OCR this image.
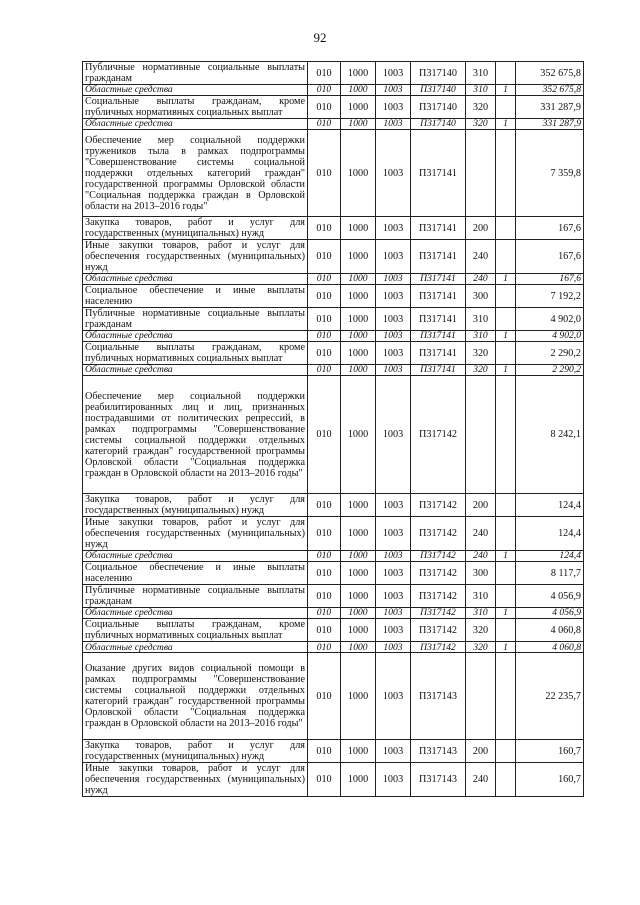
92
Публичные нормативные социальные выплаты гражданам	010	1000	1003	П317140	310		352 675,8
Областные средства	010	1000	1003	П317140	310	1	352 675,8
Социальные выплаты гражданам, кроме публичных нормативных социальных выплат	010	1000	1003	П317140	320		331 287,9
Областные средства	010	1000	1003	П317140	320	1	331 287,9
Обеспечение мер социальной поддержки тружеников тыла в рамках подпрограммы "Совершенствование системы социальной поддержки отдельных категорий граждан" государственной программы Орловской области "Социальная поддержка граждан в Орловской области на 2013–2016 годы"	010	1000	1003	П317141			7 359,8
Закупка товаров, работ и услуг для государственных (муниципальных) нужд	010	1000	1003	П317141	200		167,6
Иные закупки товаров, работ и услуг для обеспечения государственных (муниципальных) нужд	010	1000	1003	П317141	240		167,6
Областные средства	010	1000	1003	П317141	240	1	167,6
Социальное обеспечение и иные выплаты населению	010	1000	1003	П317141	300		7 192,2
Публичные нормативные социальные выплаты гражданам	010	1000	1003	П317141	310		4 902,0
Областные средства	010	1000	1003	П317141	310	1	4 902,0
Социальные выплаты гражданам, кроме публичных нормативных социальных выплат	010	1000	1003	П317141	320		2 290,2
Областные средства	010	1000	1003	П317141	320	1	2 290,2
Обеспечение мер социальной поддержки реабилитированных лиц и лиц, признанных пострадавшими от политических репрессий, в рамках подпрограммы "Совершенствование системы социальной поддержки отдельных категорий граждан" государственной программы Орловской области "Социальная поддержка граждан в Орловской области на 2013–2016 годы"	010	1000	1003	П317142			8 242,1
Закупка товаров, работ и услуг для государственных (муниципальных) нужд	010	1000	1003	П317142	200		124,4
Иные закупки товаров, работ и услуг для обеспечения государственных (муниципальных) нужд	010	1000	1003	П317142	240		124,4
Областные средства	010	1000	1003	П317142	240	1	124,4
Социальное обеспечение и иные выплаты населению	010	1000	1003	П317142	300		8 117,7
Публичные нормативные социальные выплаты гражданам	010	1000	1003	П317142	310		4 056,9
Областные средства	010	1000	1003	П317142	310	1	4 056,9
Социальные выплаты гражданам, кроме публичных нормативных социальных выплат	010	1000	1003	П317142	320		4 060,8
Областные средства	010	1000	1003	П317142	320	1	4 060,8
Оказание других видов социальной помощи в рамках подпрограммы "Совершенствование системы социальной поддержки отдельных категорий граждан" государственной программы Орловской области "Социальная поддержка граждан в Орловской области на 2013–2016 годы"	010	1000	1003	П317143			22 235,7
Закупка товаров, работ и услуг для государственных (муниципальных) нужд	010	1000	1003	П317143	200		160,7
Иные закупки товаров, работ и услуг для обеспечения государственных (муниципальных) нужд	010	1000	1003	П317143	240		160,7
